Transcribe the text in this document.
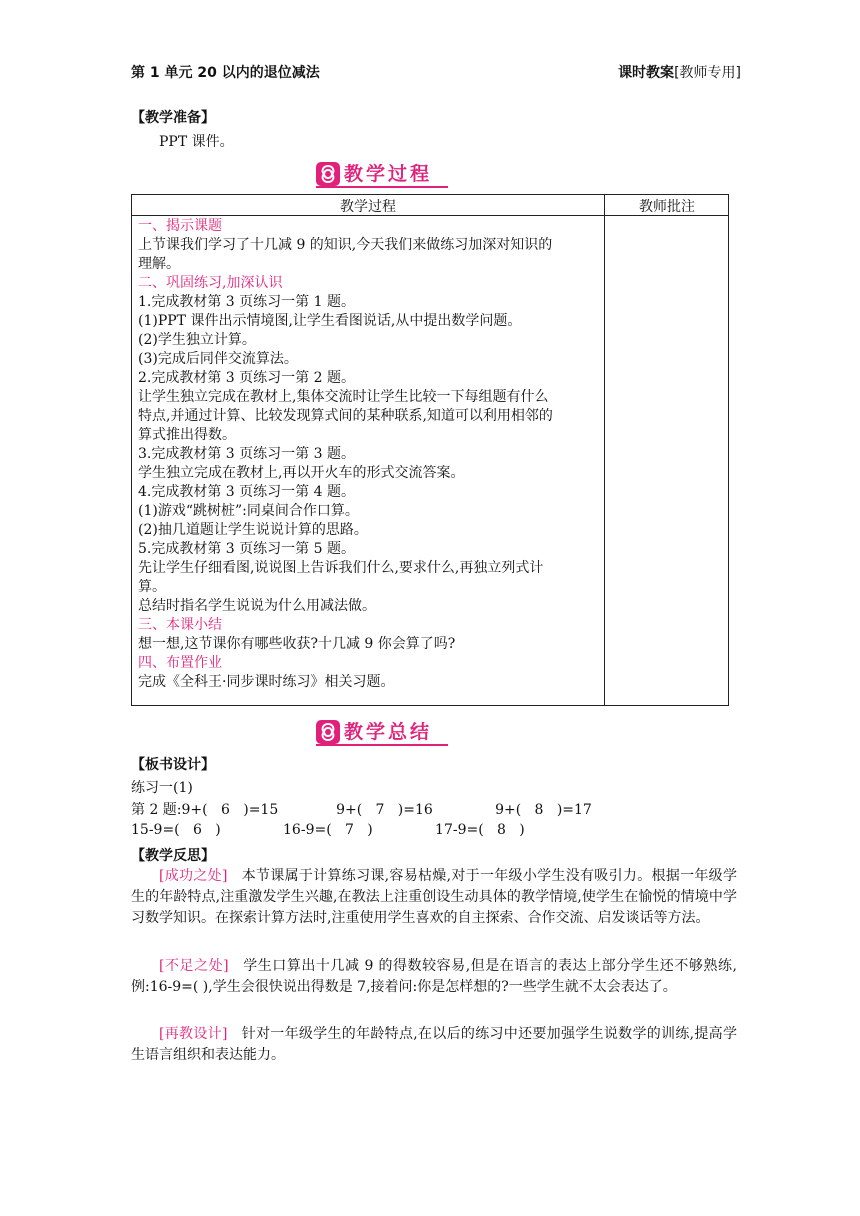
第 1 单元 20 以内的退位减法	课时教案[教师专用]
【教学准备】
PPT 课件。
教学过程
教学过程	教师批注
一、揭示课题
上节课我们学习了十几减 9 的知识,今天我们来做练习加深对知识的
理解。
二、巩固练习,加深认识
1.完成教材第 3 页练习一第 1 题。
(1)PPT 课件出示情境图,让学生看图说话,从中提出数学问题。
(2)学生独立计算。
(3)完成后同伴交流算法。
2.完成教材第 3 页练习一第 2 题。
让学生独立完成在教材上,集体交流时让学生比较一下每组题有什么
特点,并通过计算、比较发现算式间的某种联系,知道可以利用相邻的
算式推出得数。
3.完成教材第 3 页练习一第 3 题。
学生独立完成在教材上,再以开火车的形式交流答案。
4.完成教材第 3 页练习一第 4 题。
(1)游戏“跳树桩”:同桌间合作口算。
(2)抽几道题让学生说说计算的思路。
5.完成教材第 3 页练习一第 5 题。
先让学生仔细看图,说说图上告诉我们什么,要求什么,再独立列式计
算。
总结时指名学生说说为什么用减法做。
三、本课小结
想一想,这节课你有哪些收获?十几减 9 你会算了吗?
四、布置作业
完成《全科王·同步课时练习》相关习题。
教学总结
【板书设计】
练习一(1)
第 2 题:9+(   6   )=15             9+(   7   )=16              9+(   8   )=17
15-9=(   6   )              16-9=(   7   )              17-9=(   8   )
【教学反思】
[成功之处] 本节课属于计算练习课,容易枯燥,对于一年级小学生没有吸引力。根据一年级学生的年龄特点,注重激发学生兴趣,在教法上注重创设生动具体的教学情境,使学生在愉悦的情境中学习数学知识。在探索计算方法时,注重使用学生喜欢的自主探索、合作交流、启发谈话等方法。
[不足之处] 学生口算出十几减 9 的得数较容易,但是在语言的表达上部分学生还不够熟练,例:16-9=( ),学生会很快说出得数是 7,接着问:你是怎样想的?一些学生就不太会表达了。
[再教设计] 针对一年级学生的年龄特点,在以后的练习中还要加强学生说数学的训练,提高学生语言组织和表达能力。
